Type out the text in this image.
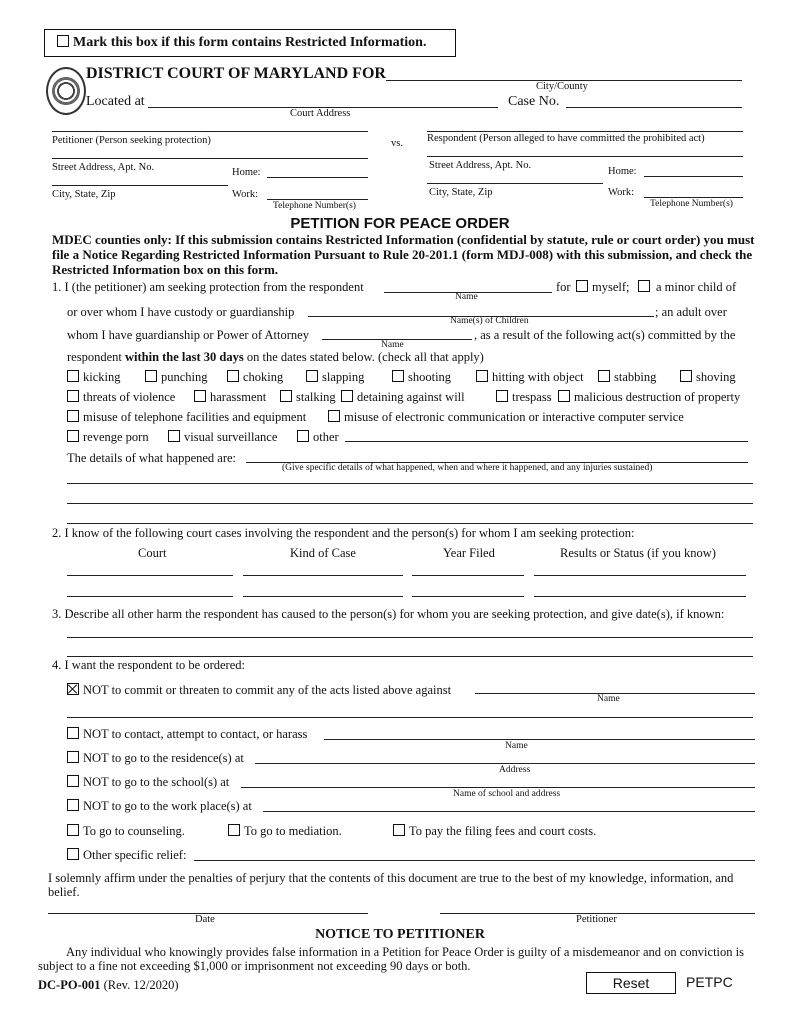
Mark this box if this form contains Restricted Information.
DISTRICT COURT OF MARYLAND FOR
City/County
Located at
Court Address
Case No.
Petitioner (Person seeking protection)	vs. Respondent (Person alleged to have committed the prohibited act)
Street Address, Apt. No.	Home:
Street Address, Apt. No.
Home:
City, State, Zip	Work:
Telephone Number(s)
City, State, Zip	Work:
Telephone Number(s)
PETITION FOR PEACE ORDER
MDEC counties only: If this submission contains Restricted Information (confidential by statute, rule or court order) you must file a Notice Regarding Restricted Information Pursuant to Rule 20-201.1 (form MDJ-008) with this submission, and check the Restricted Information box on this form.
1. I (the petitioner) am seeking protection from the respondent
Name
for	myself;	a minor child of
or over whom I have custody or guardianship
Name(s) of Children
; an adult over
whom I have guardianship or Power of Attorney
Name
, as a result of the following act(s) committed by the
respondent within the last 30 days on the dates stated below. (check all that apply)
kicking	punching	choking	slapping	shooting	hitting with object	stabbing	shoving
threats of violence	harassment	stalking	detaining against will	trespass	malicious destruction of property
misuse of telephone facilities and equipment	misuse of electronic communication or interactive computer service
revenge porn	visual surveillance	other
The details of what happened are:
(Give specific details of what happened, when and where it happened, and any injuries sustained)
2. I know of the following court cases involving the respondent and the person(s) for whom I am seeking protection:
Court	Kind of Case	Year Filed	Results or Status (if you know)
3. Describe all other harm the respondent has caused to the person(s) for whom you are seeking protection, and give date(s), if known:
4. I want the respondent to be ordered:
NOT to commit or threaten to commit any of the acts listed above against
Name
NOT to contact, attempt to contact, or harass
Name
NOT to go to the residence(s) at
Address
NOT to go to the school(s) at
Name of school and address
NOT to go to the work place(s) at
To go to counseling.	To go to mediation.	To pay the filing fees and court costs.
Other specific relief:
I solemnly affirm under the penalties of perjury that the contents of this document are true to the best of my knowledge, information, and belief.
Date	Petitioner
NOTICE TO PETITIONER
Any individual who knowingly provides false information in a Petition for Peace Order is guilty of a misdemeanor and on conviction is subject to a fine not exceeding $1,000 or imprisonment not exceeding 90 days or both.
DC-PO-001 (Rev. 12/2020)	Reset	PETPC
